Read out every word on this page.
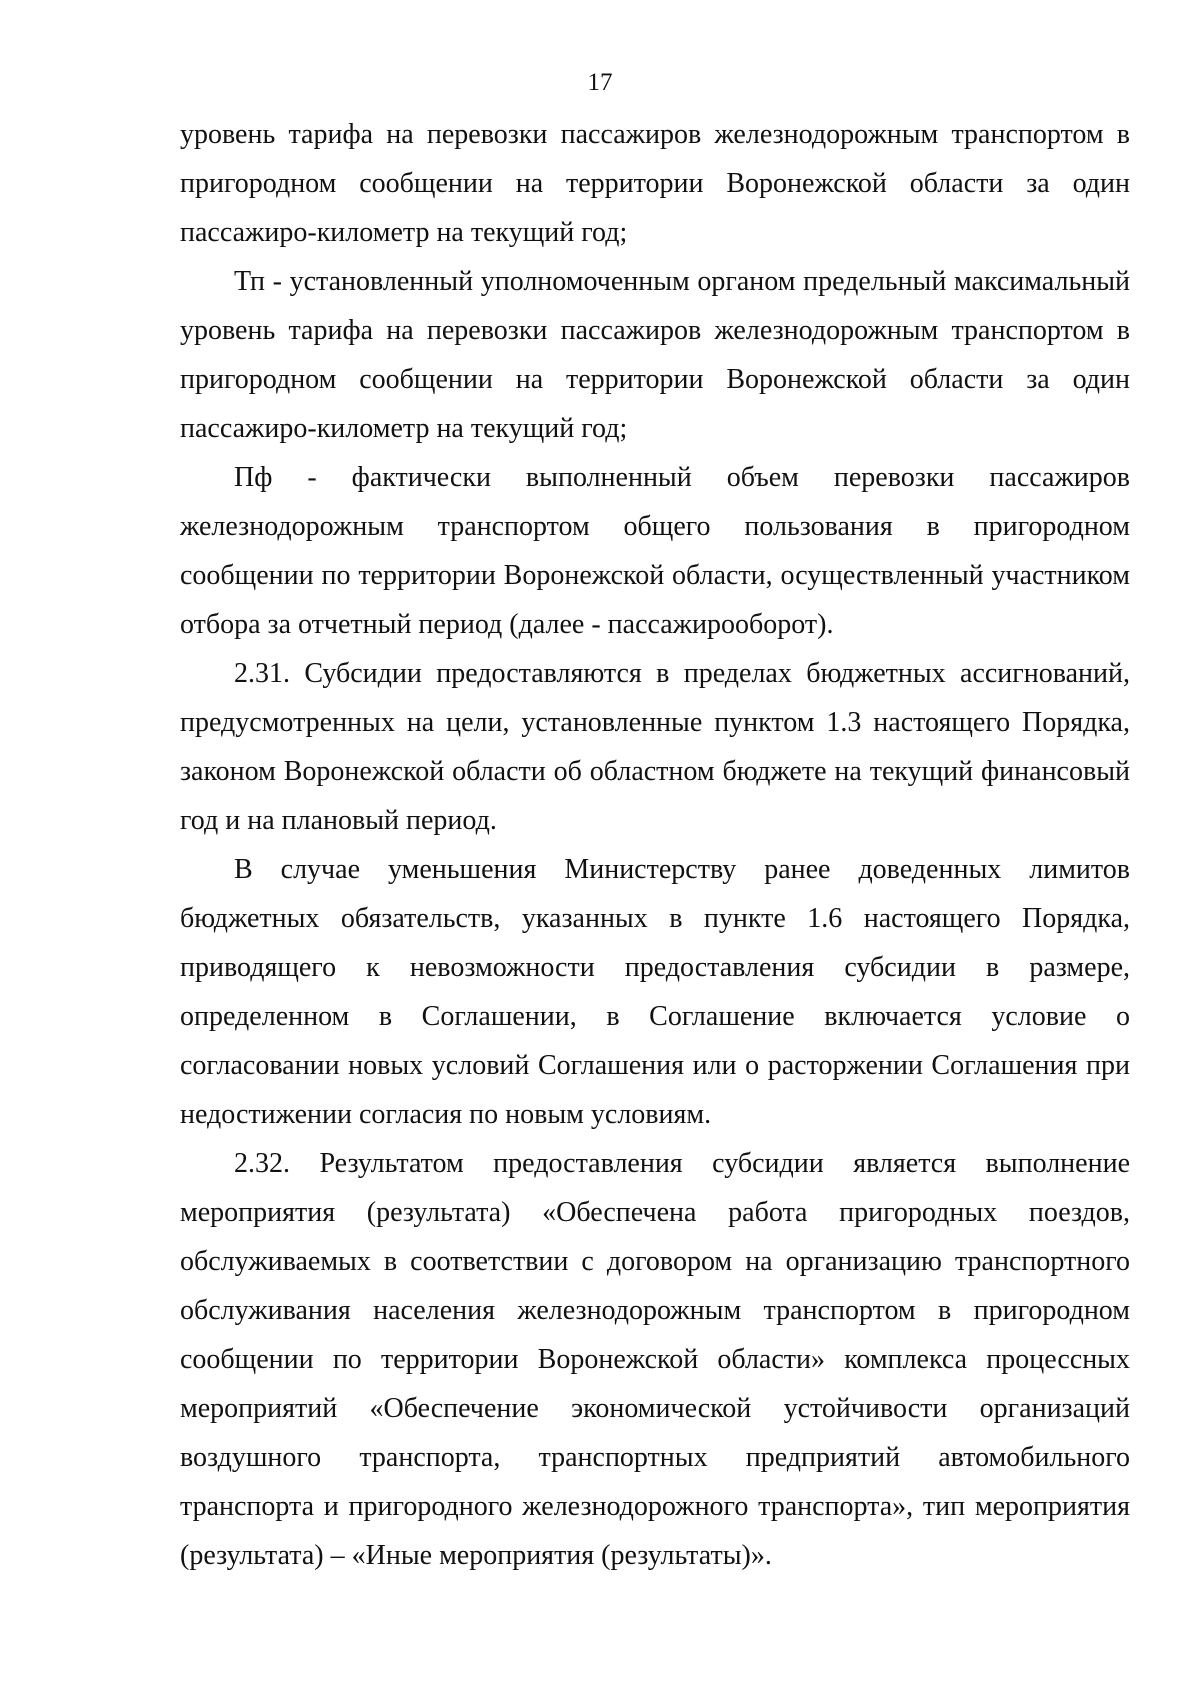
17

уровень тарифа на перевозки пассажиров железнодорожным транспортом в пригородном сообщении на территории Воронежской области за один пассажиро-километр на текущий год;

Тп - установленный уполномоченным органом предельный максимальный уровень тарифа на перевозки пассажиров железнодорожным транспортом в пригородном сообщении на территории Воронежской области за один пассажиро-километр на текущий год;

Пф - фактически выполненный объем перевозки пассажиров железнодорожным транспортом общего пользования в пригородном сообщении по территории Воронежской области, осуществленный участником отбора за отчетный период (далее - пассажирооборот).

2.31. Субсидии предоставляются в пределах бюджетных ассигнований, предусмотренных на цели, установленные пунктом 1.3 настоящего Порядка, законом Воронежской области об областном бюджете на текущий финансовый год и на плановый период.

В случае уменьшения Министерству ранее доведенных лимитов бюджетных обязательств, указанных в пункте 1.6 настоящего Порядка, приводящего к невозможности предоставления субсидии в размере, определенном в Соглашении, в Соглашение включается условие о согласовании новых условий Соглашения или о расторжении Соглашения при недостижении согласия по новым условиям.

2.32. Результатом предоставления субсидии является выполнение мероприятия (результата) «Обеспечена работа пригородных поездов, обслуживаемых в соответствии с договором на организацию транспортного обслуживания населения железнодорожным транспортом в пригородном сообщении по территории Воронежской области» комплекса процессных мероприятий «Обеспечение экономической устойчивости организаций воздушного транспорта, транспортных предприятий автомобильного транспорта и пригородного железнодорожного транспорта», тип мероприятия (результата) – «Иные мероприятия (результаты)».
